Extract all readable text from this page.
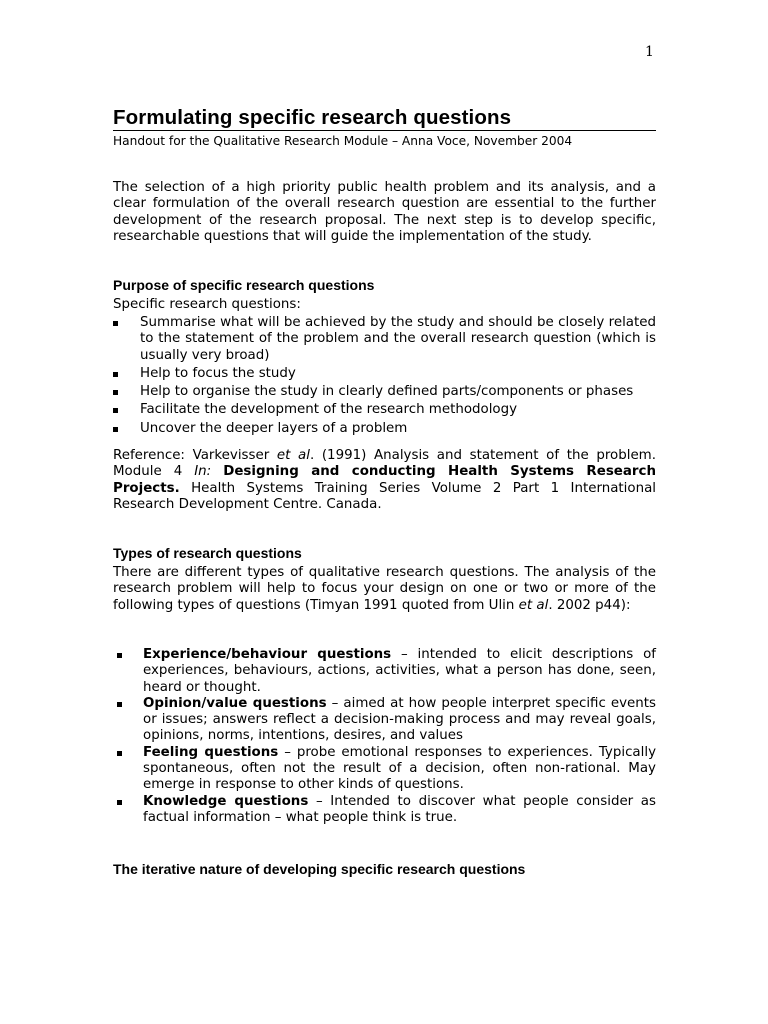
1
Formulating specific research questions
Handout for the Qualitative Research Module – Anna Voce, November 2004

The selection of a high priority public health problem and its analysis, and a clear formulation of the overall research question are essential to the further development of the research proposal. The next step is to develop specific, researchable questions that will guide the implementation of the study.

Purpose of specific research questions
Specific research questions:
Summarise what will be achieved by the study and should be closely related to the statement of the problem and the overall research question (which is usually very broad)
Help to focus the study
Help to organise the study in clearly defined parts/components or phases
Facilitate the development of the research methodology
Uncover the deeper layers of a problem

Reference: Varkevisser et al. (1991) Analysis and statement of the problem. Module 4 In: Designing and conducting Health Systems Research Projects. Health Systems Training Series Volume 2 Part 1 International Research Development Centre. Canada.

Types of research questions

There are different types of qualitative research questions. The analysis of the research problem will help to focus your design on one or two or more of the following types of questions (Timyan 1991 quoted from Ulin et al. 2002 p44):

Experience/behaviour questions – intended to elicit descriptions of experiences, behaviours, actions, activities, what a person has done, seen, heard or thought.
Opinion/value questions – aimed at how people interpret specific events or issues; answers reflect a decision-making process and may reveal goals, opinions, norms, intentions, desires, and values
Feeling questions – probe emotional responses to experiences. Typically spontaneous, often not the result of a decision, often non-rational. May emerge in response to other kinds of questions.
Knowledge questions – Intended to discover what people consider as factual information – what people think is true.
The iterative nature of developing specific research questions
